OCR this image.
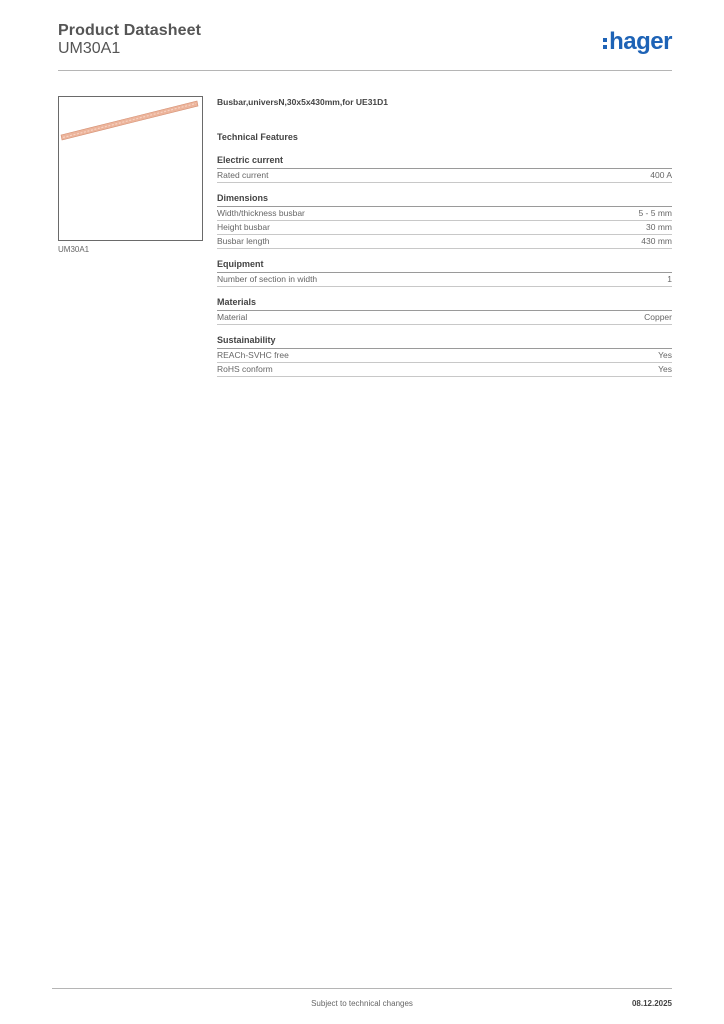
Product Datasheet
UM30A1	hager
UM30A1
Busbar,universN,30x5x430mm,for UE31D1
Technical Features
Electric current
Rated current	400 A
Dimensions
Width/thickness busbar	5 - 5 mm
Height busbar	30 mm
Busbar length	430 mm
Equipment
Number of section in width	1
Materials
Material	Copper
Sustainability
REACh-SVHC free	Yes
RoHS conform	Yes
Subject to technical changes	08.12.2025
